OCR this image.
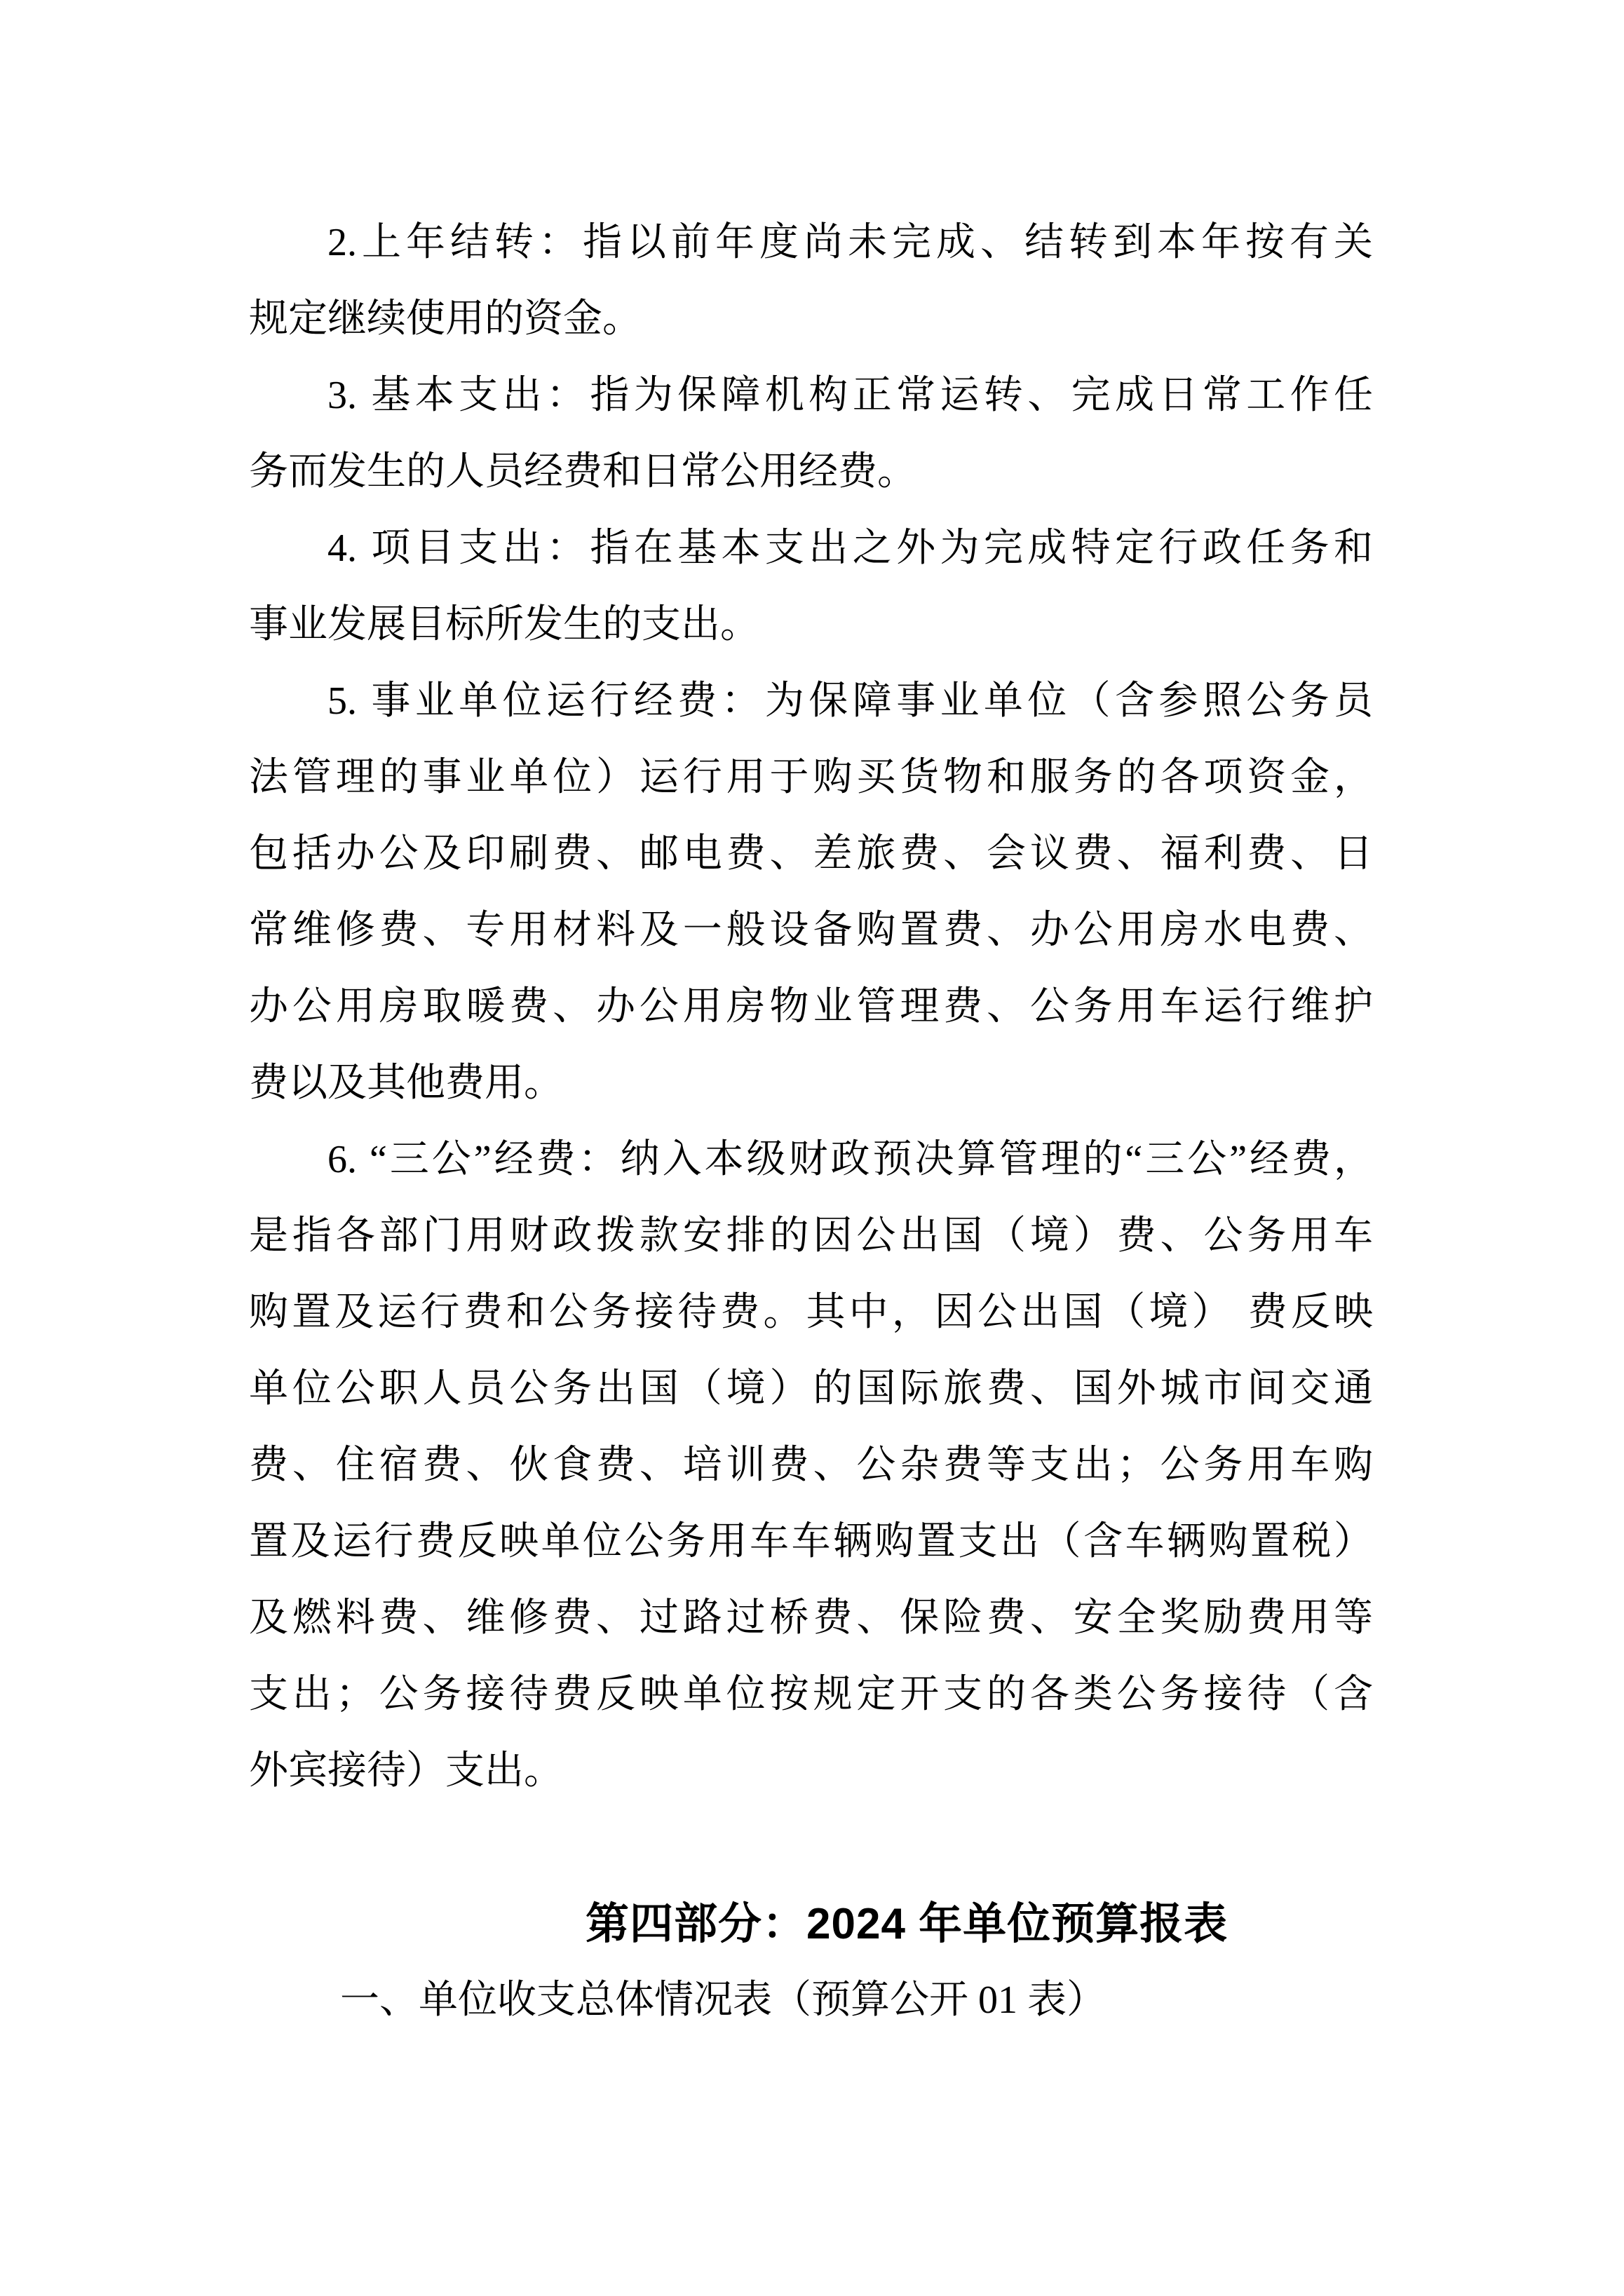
2.上年结转：指以前年度尚未完成、结转到本年按有关
规定继续使用的资金。
3. 基本支出：指为保障机构正常运转、完成日常工作任
务而发生的人员经费和日常公用经费。
4. 项目支出：指在基本支出之外为完成特定行政任务和
事业发展目标所发生的支出。
5. 事业单位运行经费：为保障事业单位（含参照公务员
法管理的事业单位）运行用于购买货物和服务的各项资金，
包括办公及印刷费、邮电费、差旅费、会议费、福利费、日
常维修费、专用材料及一般设备购置费、办公用房水电费、
办公用房取暖费、办公用房物业管理费、公务用车运行维护
费以及其他费用。
6. “三公”经费：纳入本级财政预决算管理的“三公”经费，
是指各部门用财政拨款安排的因公出国（境）费、公务用车
购置及运行费和公务接待费。其中，因公出国（境） 费反映
单位公职人员公务出国（境）的国际旅费、国外城市间交通
费、住宿费、伙食费、培训费、公杂费等支出；公务用车购
置及运行费反映单位公务用车车辆购置支出（含车辆购置税）
及燃料费、维修费、过路过桥费、保险费、安全奖励费用等
支出；公务接待费反映单位按规定开支的各类公务接待（含
外宾接待）支出。
第四部分：2024 年单位预算报表
一、单位收支总体情况表（预算公开 01 表）
